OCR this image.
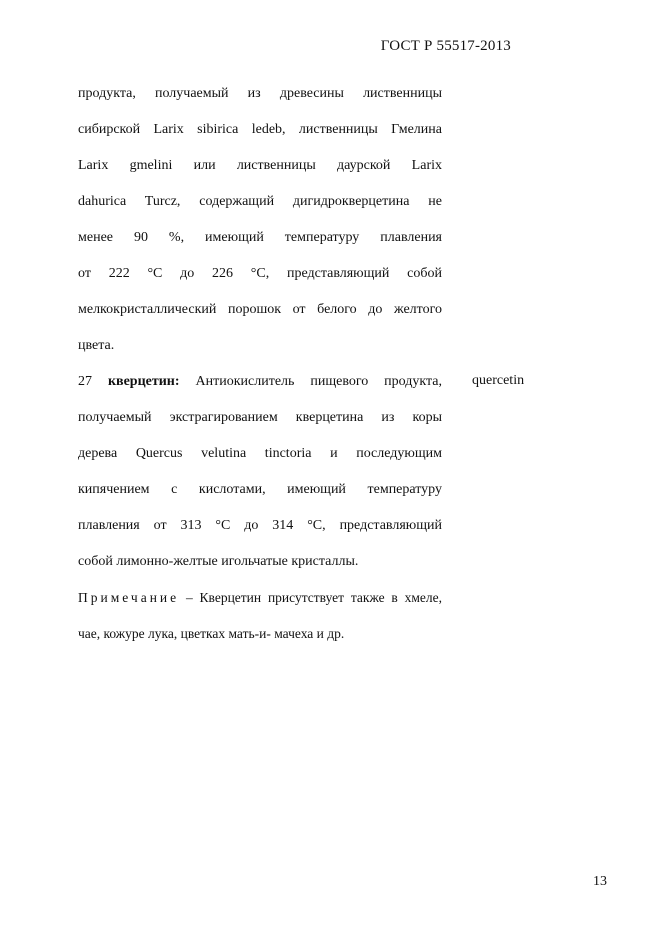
ГОСТ Р 55517-2013
продукта, получаемый из древесины лиственницы
сибирской Larix sibirica ledeb, лиственницы Гмелина
Larix gmelini или лиственницы даурской Larix
dahurica Turcz, содержащий дигидрокверцетина не
менее 90 %, имеющий температуру плавления
от 222 °С до 226 °С, представляющий собой
мелкокристаллический порошок от белого до желтого
цвета.
27 кверцетин: Антиокислитель пищевого продукта,
получаемый экстрагированием кверцетина из коры
дерева Quercus velutina tinctoria и последующим
кипячением с кислотами, имеющий температуру
плавления от 313 °С до 314 °С, представляющий
собой лимонно-желтые игольчатые кристаллы.
Примечание – Кверцетин присутствует также в хмеле,
чае, кожуре лука, цветках мать-и- мачеха и др.
quercetin
13
